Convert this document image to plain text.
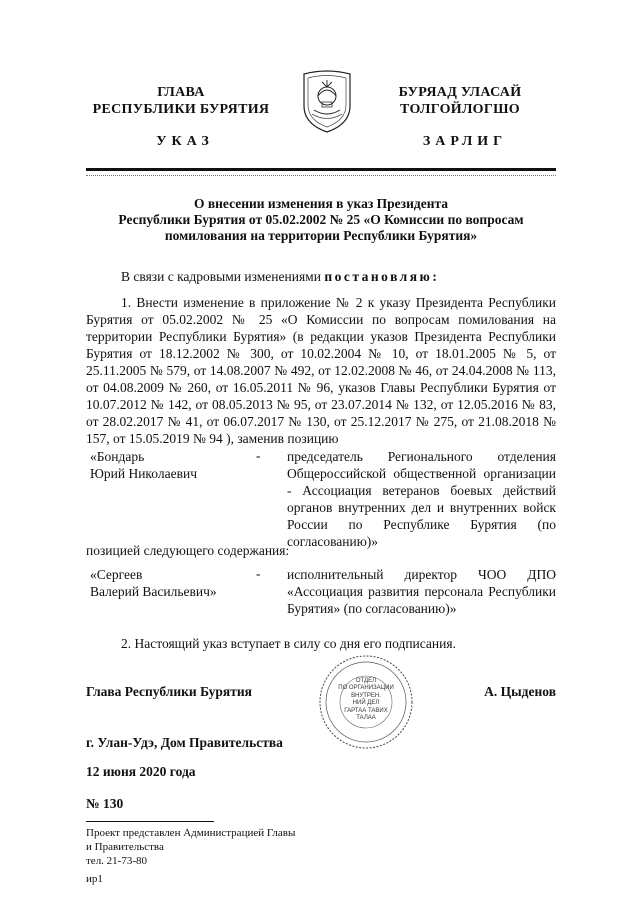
ГЛАВА
РЕСПУБЛИКИ БУРЯТИЯ
БУРЯАД УЛАСАЙ
ТОЛГОЙЛОГШО
УКАЗ	ЗАРЛИГ
О внесении изменения в указ Президента
Республики Бурятия от 05.02.2002 № 25 «О Комиссии по вопросам
помилования на территории Республики Бурятия»
В связи с кадровыми изменениями постановляю:
1. Внести изменение в приложение № 2 к указу Президента Республики Бурятия от 05.02.2002 № 25 «О Комиссии по вопросам помилования на территории Республики Бурятия» (в редакции указов Президента Республики Бурятия от 18.12.2002 № 300, от 10.02.2004 № 10, от 18.01.2005 № 5, от 25.11.2005 № 579, от 14.08.2007 № 492, от 12.02.2008 № 46, от 24.04.2008 № 113, от 04.08.2009 № 260, от 16.05.2011 № 96, указов Главы Республики Бурятия от 10.07.2012 № 142, от 08.05.2013 № 95, от 23.07.2014 № 132, от 12.05.2016 № 83, от 28.02.2017 № 41, от 06.07.2017 № 130, от 25.12.2017 № 275, от 21.08.2018 № 157, от 15.05.2019 № 94 ), заменив позицию
«Бондарь
Юрий Николаевич
- председатель Регионального отделения Общероссийской общественной организации - Ассоциация ветеранов боевых действий органов внутренних дел и внутренних войск России по Республике Бурятия (по согласованию)»
позицией следующего содержания:
«Сергеев
Валерий Васильевич»
- исполнительный директор ЧОО ДПО «Ассоциация развития персонала Республики Бурятия» (по согласованию)»
2. Настоящий указ вступает в силу со дня его подписания.
Глава Республики Бурятия
ОТДЕЛ
ПО ОРГАНИЗАЦИИ
ВНУТРЕН.
НИЙ ДЕЛ
ГАРТАА ТАВИХ
ТАЛАА
А. Цыденов
г. Улан-Удэ, Дом Правительства
12 июня 2020 года
№ 130
Проект представлен Администрацией Главы
и Правительства
тел. 21-73-80
ир1
